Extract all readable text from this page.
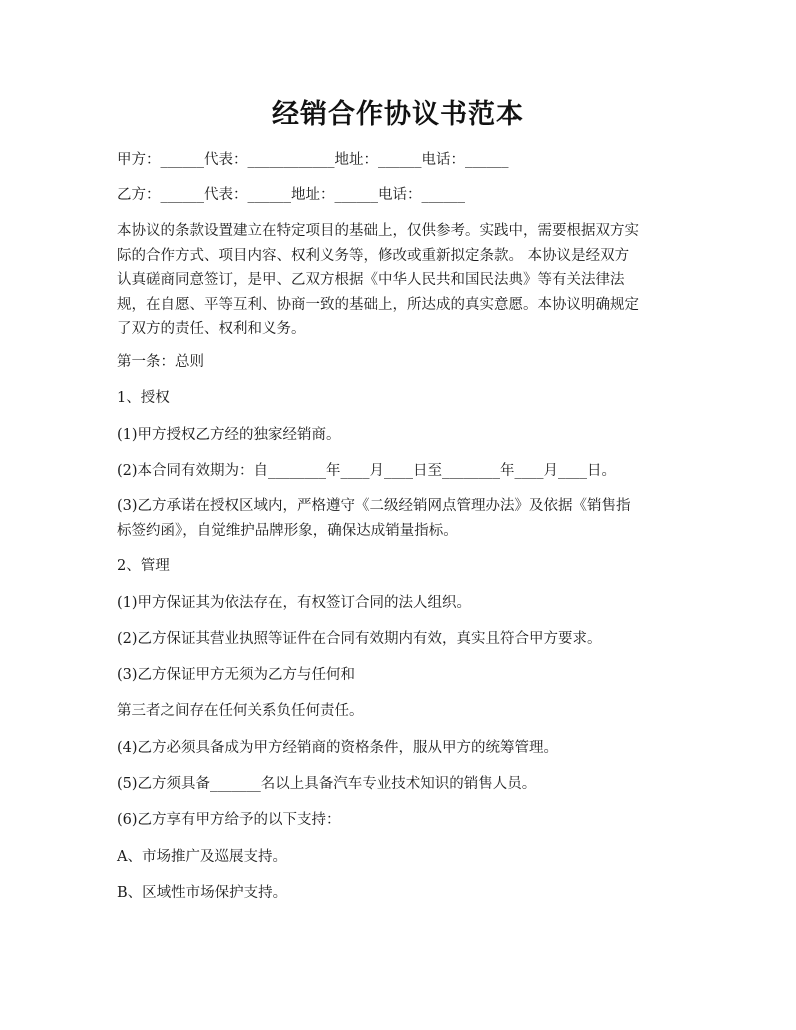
经销合作协议书范本
甲方：______代表：____________地址：______电话：______
乙方：______代表：______地址：______电话：______
本协议的条款设置建立在特定项目的基础上，仅供参考。实践中，需要根据双方实
际的合作方式、项目内容、权利义务等，修改或重新拟定条款。 本协议是经双方
认真磋商同意签订，是甲、乙双方根据《中华人民共和国民法典》等有关法律法
规，在自愿、平等互利、协商一致的基础上，所达成的真实意愿。本协议明确规定
了双方的责任、权利和义务。
第一条：总则
1、授权
(1)甲方授权乙方经的独家经销商。
(2)本合同有效期为：自________年____月____日至________年____月____日。
(3)乙方承诺在授权区域内，严格遵守《二级经销网点管理办法》及依据《销售指
标签约函》，自觉维护品牌形象，确保达成销量指标。
2、管理
(1)甲方保证其为依法存在，有权签订合同的法人组织。
(2)乙方保证其营业执照等证件在合同有效期内有效，真实且符合甲方要求。
(3)乙方保证甲方无须为乙方与任何和
第三者之间存在任何关系负任何责任。
(4)乙方必须具备成为甲方经销商的资格条件，服从甲方的统筹管理。
(5)乙方须具备_______名以上具备汽车专业技术知识的销售人员。
(6)乙方享有甲方给予的以下支持：
A、市场推广及巡展支持。
B、区域性市场保护支持。
